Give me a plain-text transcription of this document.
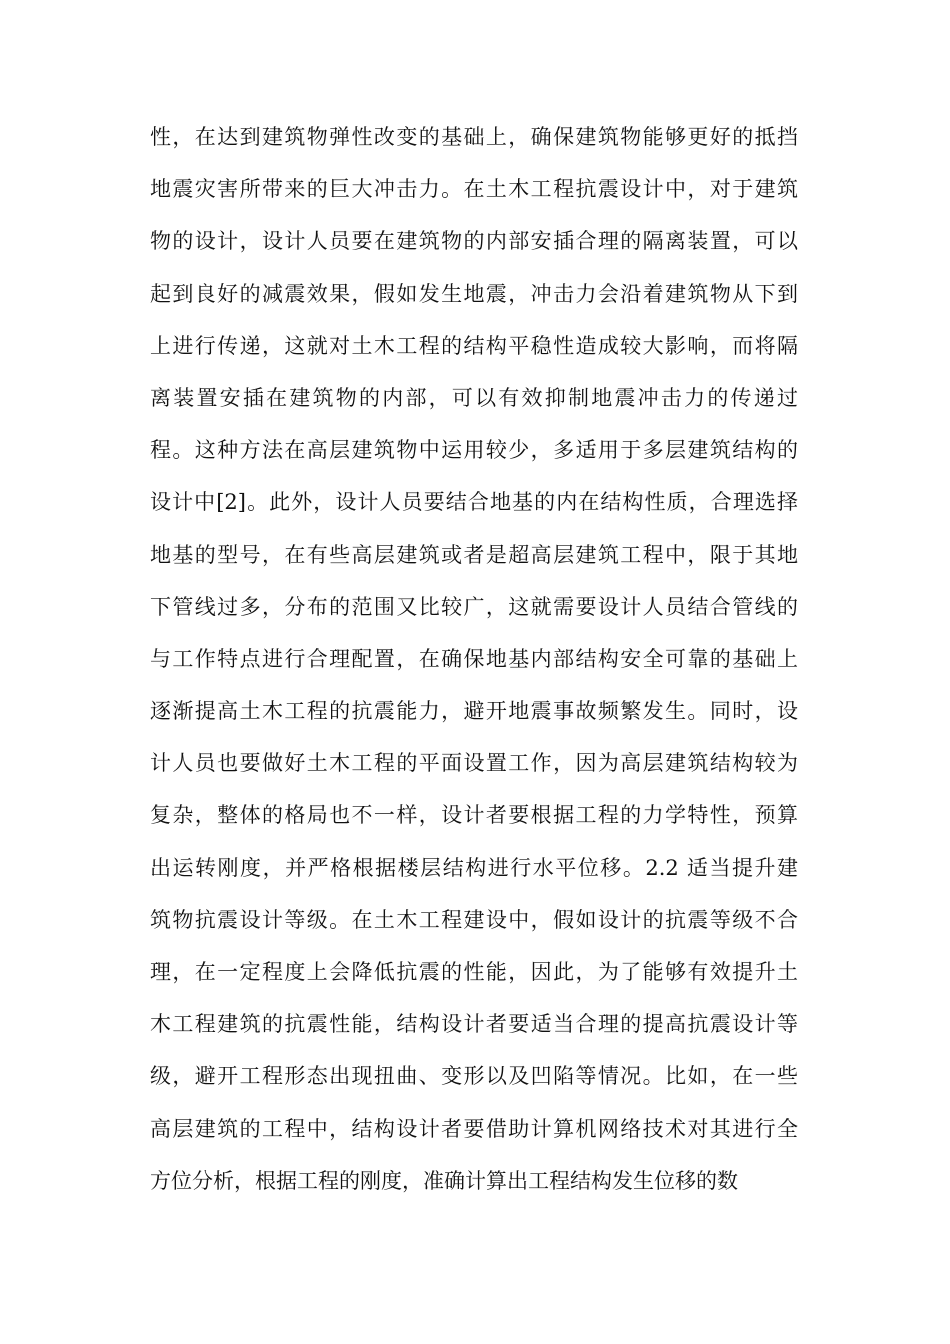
性，在达到建筑物弹性改变的基础上，确保建筑物能够更好的抵挡
地震灾害所带来的巨大冲击力。在土木工程抗震设计中，对于建筑
物的设计，设计人员要在建筑物的内部安插合理的隔离装置，可以
起到良好的减震效果，假如发生地震，冲击力会沿着建筑物从下到
上进行传递，这就对土木工程的结构平稳性造成较大影响，而将隔
离装置安插在建筑物的内部，可以有效抑制地震冲击力的传递过
程。这种方法在高层建筑物中运用较少，多适用于多层建筑结构的
设计中[2]。此外，设计人员要结合地基的内在结构性质，合理选择
地基的型号，在有些高层建筑或者是超高层建筑工程中，限于其地
下管线过多，分布的范围又比较广，这就需要设计人员结合管线的
与工作特点进行合理配置，在确保地基内部结构安全可靠的基础上
逐渐提高土木工程的抗震能力，避开地震事故频繁发生。同时，设
计人员也要做好土木工程的平面设置工作，因为高层建筑结构较为
复杂，整体的格局也不一样，设计者要根据工程的力学特性，预算
出运转刚度，并严格根据楼层结构进行水平位移。2.2 适当提升建
筑物抗震设计等级。在土木工程建设中，假如设计的抗震等级不合
理，在一定程度上会降低抗震的性能，因此，为了能够有效提升土
木工程建筑的抗震性能，结构设计者要适当合理的提高抗震设计等
级，避开工程形态出现扭曲、变形以及凹陷等情况。比如，在一些
高层建筑的工程中，结构设计者要借助计算机网络技术对其进行全
方位分析，根据工程的刚度，准确计算出工程结构发生位移的数
